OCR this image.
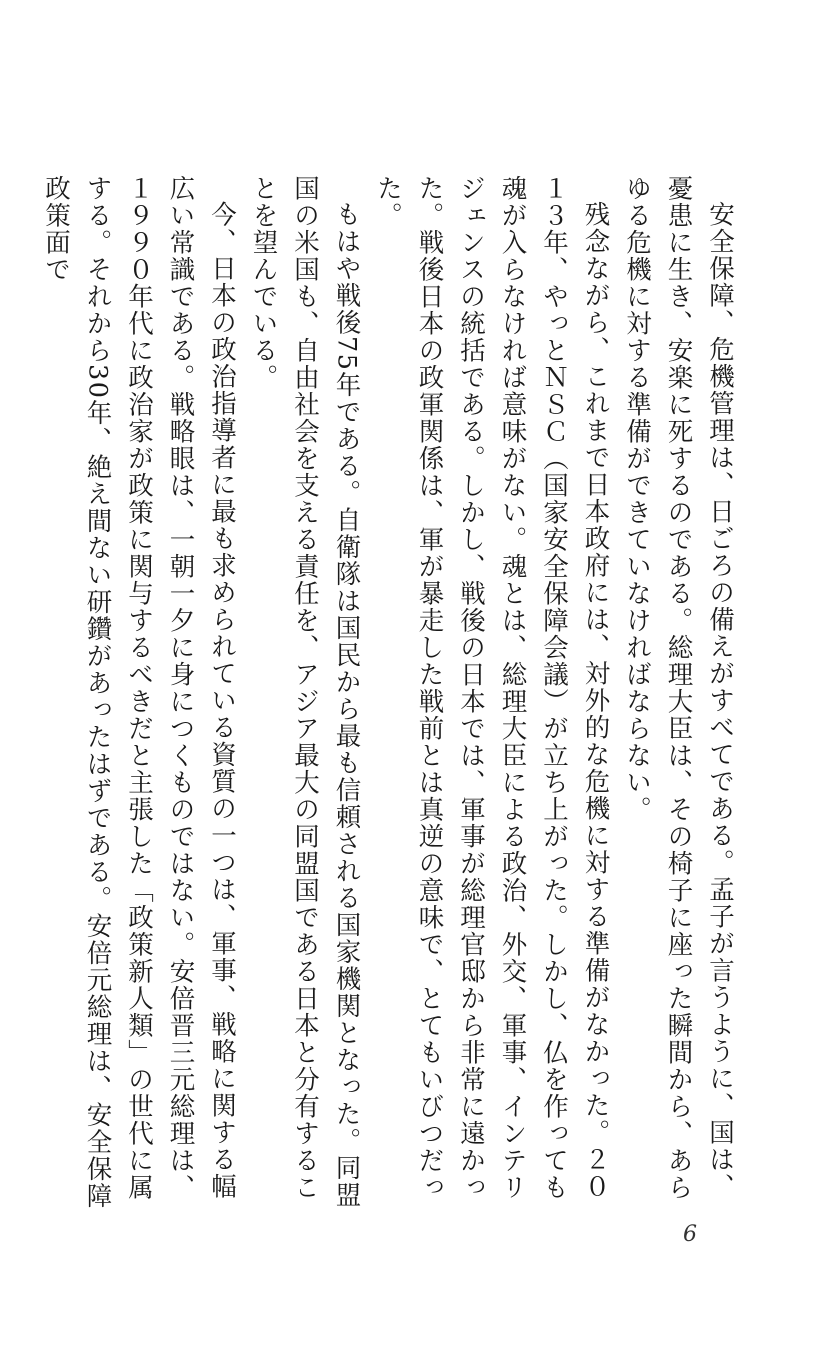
安全保障、危機管理は、日ごろの備えがすべてである。孟子が言うように、国は、憂患に生き、安楽に死するのである。総理大臣は、その椅子に座った瞬間から、あらゆる危機に対する準備ができていなければならない。

残念ながら、これまで日本政府には、対外的な危機に対する準備がなかった。２０１３年、やっとＮＳＣ（国家安全保障会議）が立ち上がった。しかし、仏を作っても魂が入らなければ意味がない。魂とは、総理大臣による政治、外交、軍事、インテリジェンスの統括である。しかし、戦後の日本では、軍事が総理官邸から非常に遠かった。戦後日本の政軍関係は、軍が暴走した戦前とは真逆の意味で、とてもいびつだった。

もはや戦後75年である。自衛隊は国民から最も信頼される国家機関となった。同盟国の米国も、自由社会を支える責任を、アジア最大の同盟国である日本と分有することを望んでいる。

今、日本の政治指導者に最も求められている資質の一つは、軍事、戦略に関する幅広い常識である。戦略眼は、一朝一夕に身につくものではない。安倍晋三元総理は、１９９０年代に政治家が政策に関与するべきだと主張した「政策新人類」の世代に属する。それから30年、絶え間ない研鑽があったはずである。安倍元総理は、安全保障政策面で

6
